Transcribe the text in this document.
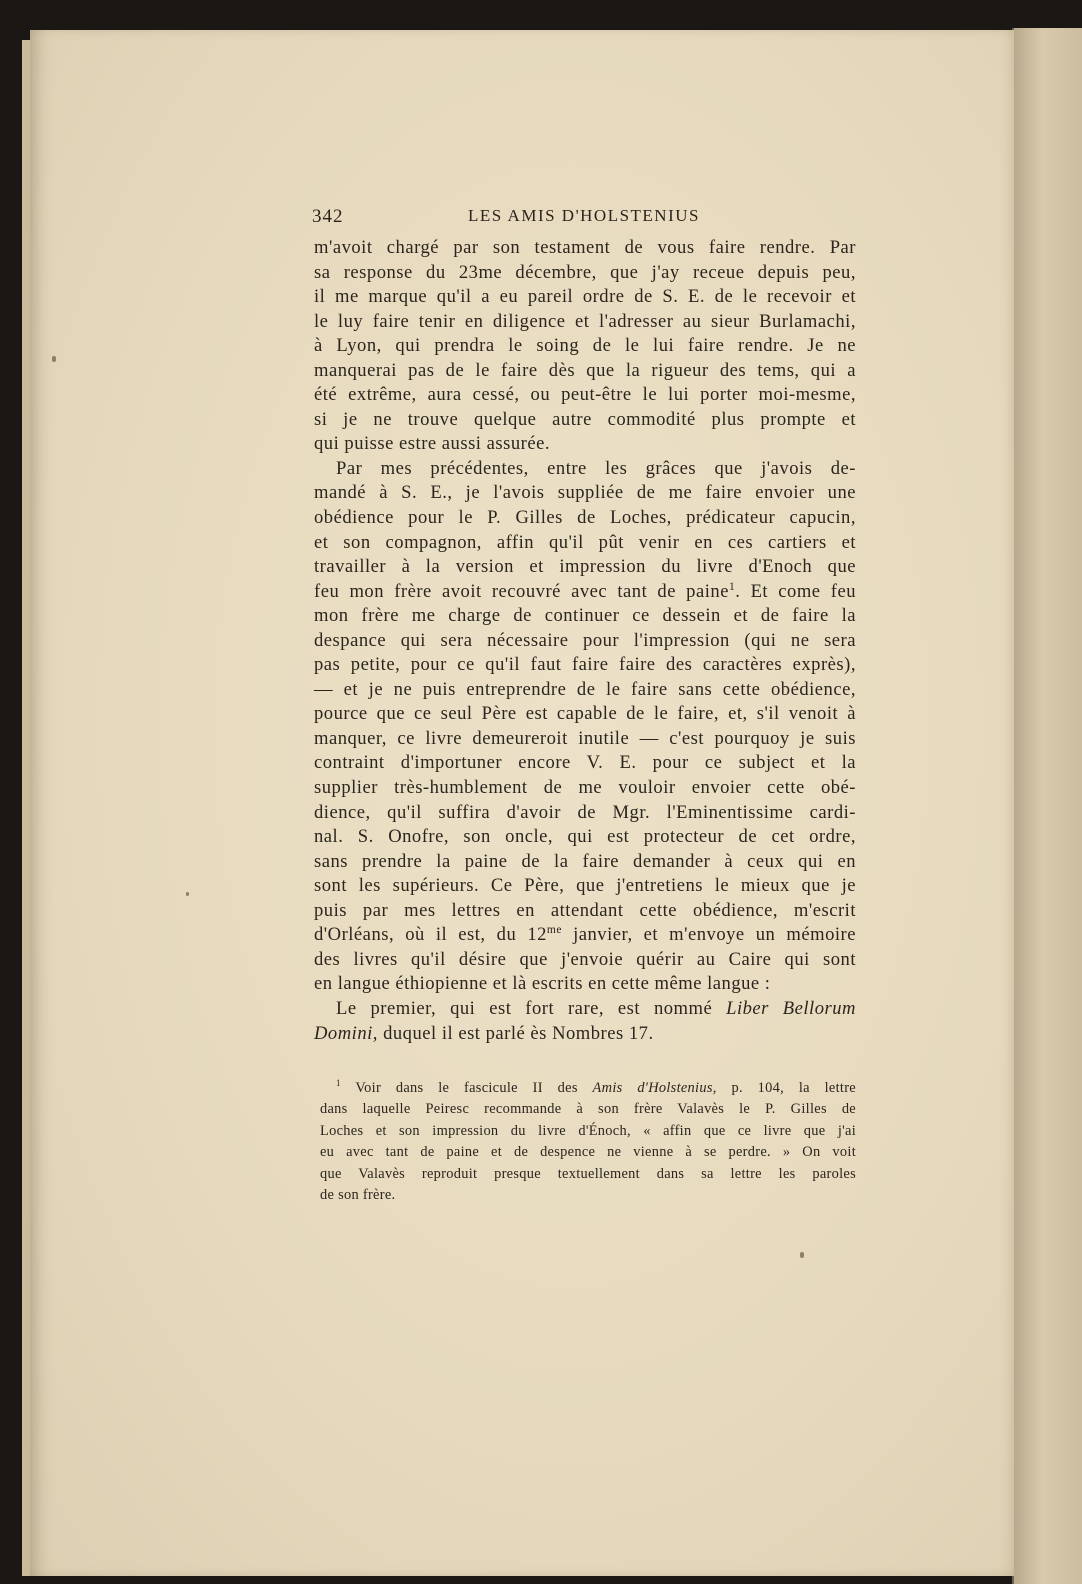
342	LES AMIS D'HOLSTENIUS
m'avoit chargé par son testament de vous faire rendre. Par
sa response du 23me décembre, que j'ay receue depuis peu,
il me marque qu'il a eu pareil ordre de S. E. de le recevoir et
le luy faire tenir en diligence et l'adresser au sieur Burlamachi,
à Lyon, qui prendra le soing de le lui faire rendre. Je ne
manquerai pas de le faire dès que la rigueur des tems, qui a
été extrême, aura cessé, ou peut-être le lui porter moi-mesme,
si je ne trouve quelque autre commodité plus prompte et
qui puisse estre aussi assurée.
Par mes précédentes, entre les grâces que j'avois de-
mandé à S. E., je l'avois suppliée de me faire envoier une
obédience pour le P. Gilles de Loches, prédicateur capucin,
et son compagnon, affin qu'il pût venir en ces cartiers et
travailler à la version et impression du livre d'Enoch que
feu mon frère avoit recouvré avec tant de paine$^1$. Et come feu
mon frère me charge de continuer ce dessein et de faire la
despance qui sera nécessaire pour l'impression (qui ne sera
pas petite, pour ce qu'il faut faire faire des caractères exprès),
— et je ne puis entreprendre de le faire sans cette obédience,
pource que ce seul Père est capable de le faire, et, s'il venoit à
manquer, ce livre demeureroit inutile — c'est pourquoy je suis
contraint d'importuner encore V. E. pour ce subject et la
supplier très-humblement de me vouloir envoier cette obé-
dience, qu'il suffira d'avoir de Mgr. l'Eminentissime cardi-
nal. S. Onofre, son oncle, qui est protecteur de cet ordre,
sans prendre la paine de la faire demander à ceux qui en
sont les supérieurs. Ce Père, que j'entretiens le mieux que je
puis par mes lettres en attendant cette obédience, m'escrit
d'Orléans, où il est, du $12^{me}$ janvier, et m'envoye un mémoire
des livres qu'il désire que j'envoie quérir au Caire qui sont
en langue éthiopienne et là escrits en cette même langue :
Le premier, qui est fort rare, est nommé Liber Bellorum
Domini, duquel il est parlé ès Nombres 17.
$^1$ Voir dans le fascicule II des Amis d'Holstenius, p. 104, la lettre
dans laquelle Peiresc recommande à son frère Valavès le P. Gilles de
Loches et son impression du livre d'Énoch, « affin que ce livre que j'ai
eu avec tant de paine et de despence ne vienne à se perdre. » On voit
que Valavès reproduit presque textuellement dans sa lettre les paroles
de son frère.
